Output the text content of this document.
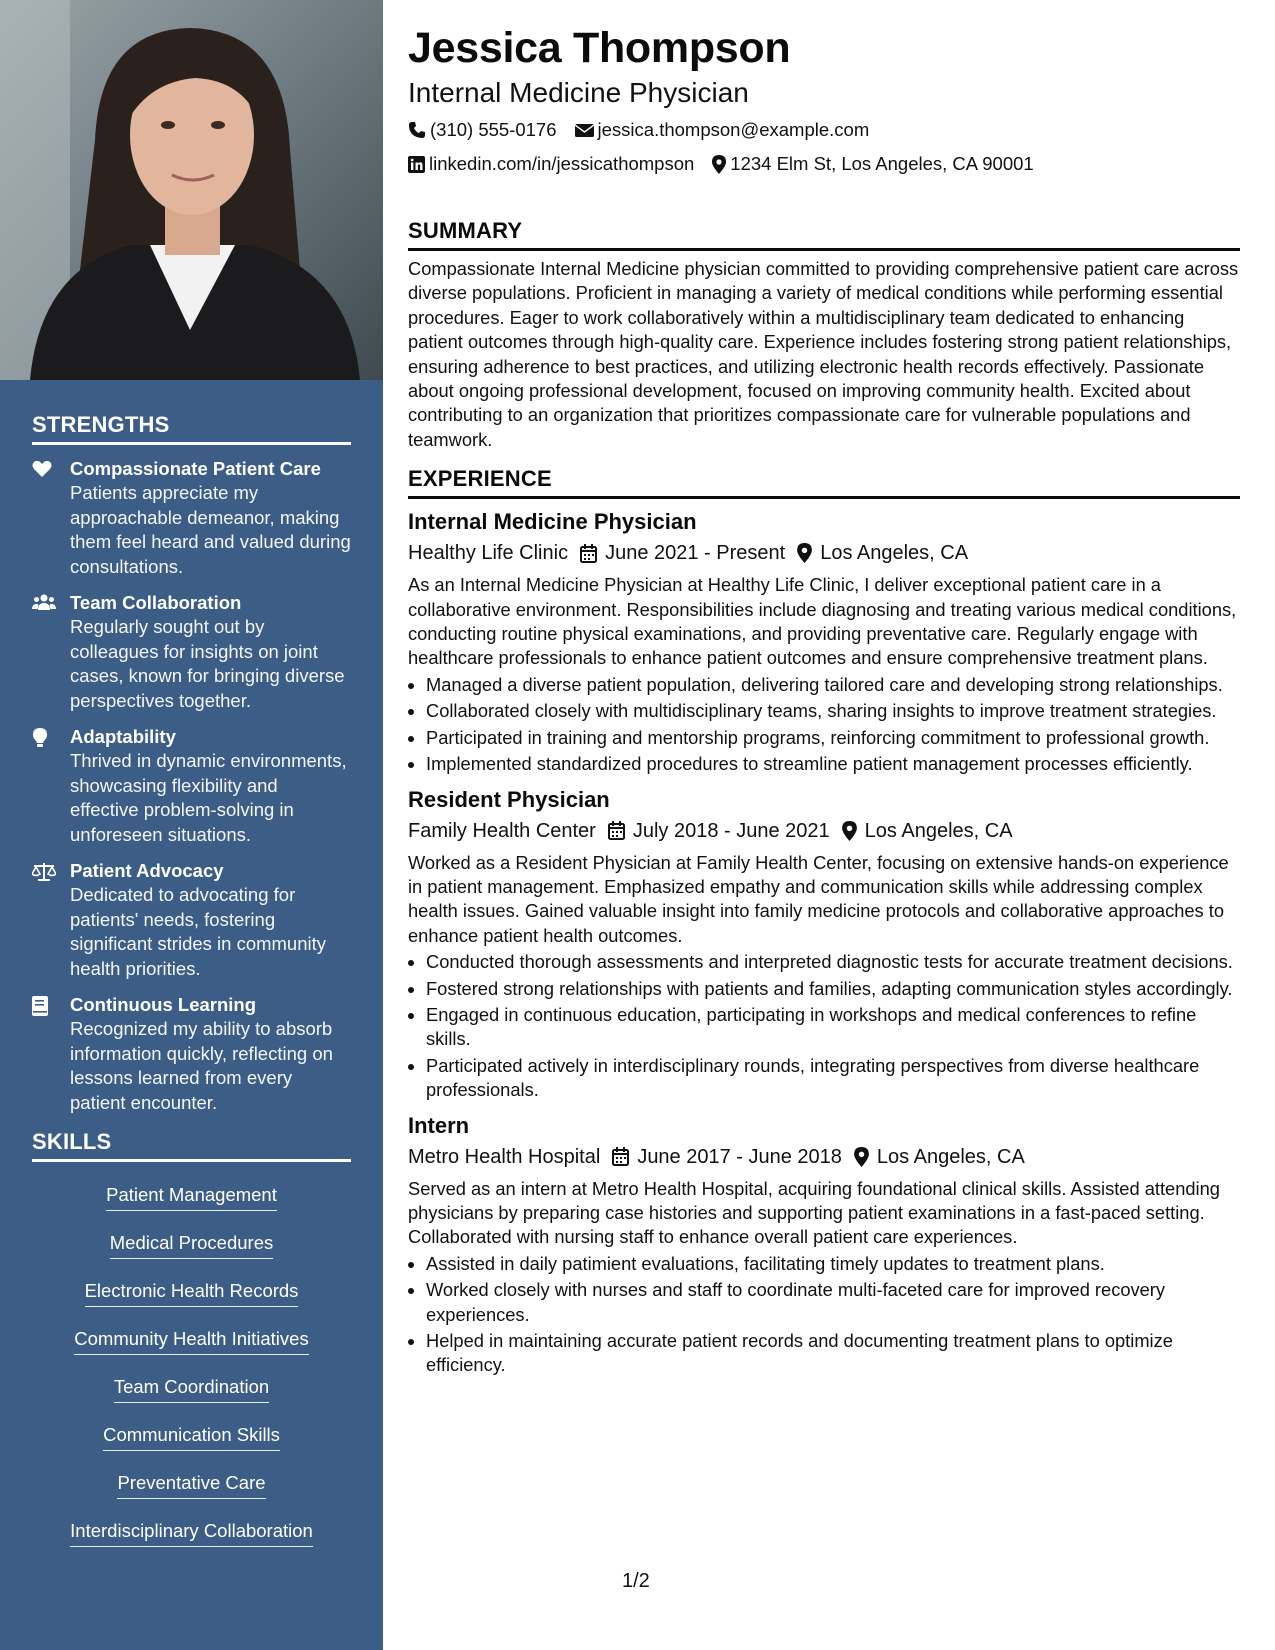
STRENGTHS
Compassionate Patient Care
Patients appreciate my approachable demeanor, making them feel heard and valued during consultations.
Team Collaboration
Regularly sought out by colleagues for insights on joint cases, known for bringing diverse perspectives together.
Adaptability
Thrived in dynamic environments, showcasing flexibility and effective problem-solving in unforeseen situations.
Patient Advocacy
Dedicated to advocating for patients' needs, fostering significant strides in community health priorities.
Continuous Learning
Recognized my ability to absorb information quickly, reflecting on lessons learned from every patient encounter.
SKILLS
Patient Management
Medical Procedures
Electronic Health Records
Community Health Initiatives
Team Coordination
Communication Skills
Preventative Care
Interdisciplinary Collaboration
Jessica Thompson
Internal Medicine Physician
(310) 555-0176 jessica.thompson@example.com
linkedin.com/in/jessicathompson 1234 Elm St, Los Angeles, CA 90001
SUMMARY
Compassionate Internal Medicine physician committed to providing comprehensive patient care across diverse populations. Proficient in managing a variety of medical conditions while performing essential procedures. Eager to work collaboratively within a multidisciplinary team dedicated to enhancing patient outcomes through high-quality care. Experience includes fostering strong patient relationships, ensuring adherence to best practices, and utilizing electronic health records effectively. Passionate about ongoing professional development, focused on improving community health. Excited about contributing to an organization that prioritizes compassionate care for vulnerable populations and teamwork.
EXPERIENCE
Internal Medicine Physician
Healthy Life Clinic June 2021 - Present Los Angeles, CA
As an Internal Medicine Physician at Healthy Life Clinic, I deliver exceptional patient care in a collaborative environment. Responsibilities include diagnosing and treating various medical conditions, conducting routine physical examinations, and providing preventative care. Regularly engage with healthcare professionals to enhance patient outcomes and ensure comprehensive treatment plans.
• Managed a diverse patient population, delivering tailored care and developing strong relationships.
• Collaborated closely with multidisciplinary teams, sharing insights to improve treatment strategies.
• Participated in training and mentorship programs, reinforcing commitment to professional growth.
• Implemented standardized procedures to streamline patient management processes efficiently.
Resident Physician
Family Health Center July 2018 - June 2021 Los Angeles, CA
Worked as a Resident Physician at Family Health Center, focusing on extensive hands-on experience in patient management. Emphasized empathy and communication skills while addressing complex health issues. Gained valuable insight into family medicine protocols and collaborative approaches to enhance patient health outcomes.
• Conducted thorough assessments and interpreted diagnostic tests for accurate treatment decisions.
• Fostered strong relationships with patients and families, adapting communication styles accordingly.
• Engaged in continuous education, participating in workshops and medical conferences to refine skills.
• Participated actively in interdisciplinary rounds, integrating perspectives from diverse healthcare professionals.
Intern
Metro Health Hospital June 2017 - June 2018 Los Angeles, CA
Served as an intern at Metro Health Hospital, acquiring foundational clinical skills. Assisted attending physicians by preparing case histories and supporting patient examinations in a fast-paced setting. Collaborated with nursing staff to enhance overall patient care experiences.
• Assisted in daily patimient evaluations, facilitating timely updates to treatment plans.
• Worked closely with nurses and staff to coordinate multi-faceted care for improved recovery experiences.
• Helped in maintaining accurate patient records and documenting treatment plans to optimize efficiency.
1/2
